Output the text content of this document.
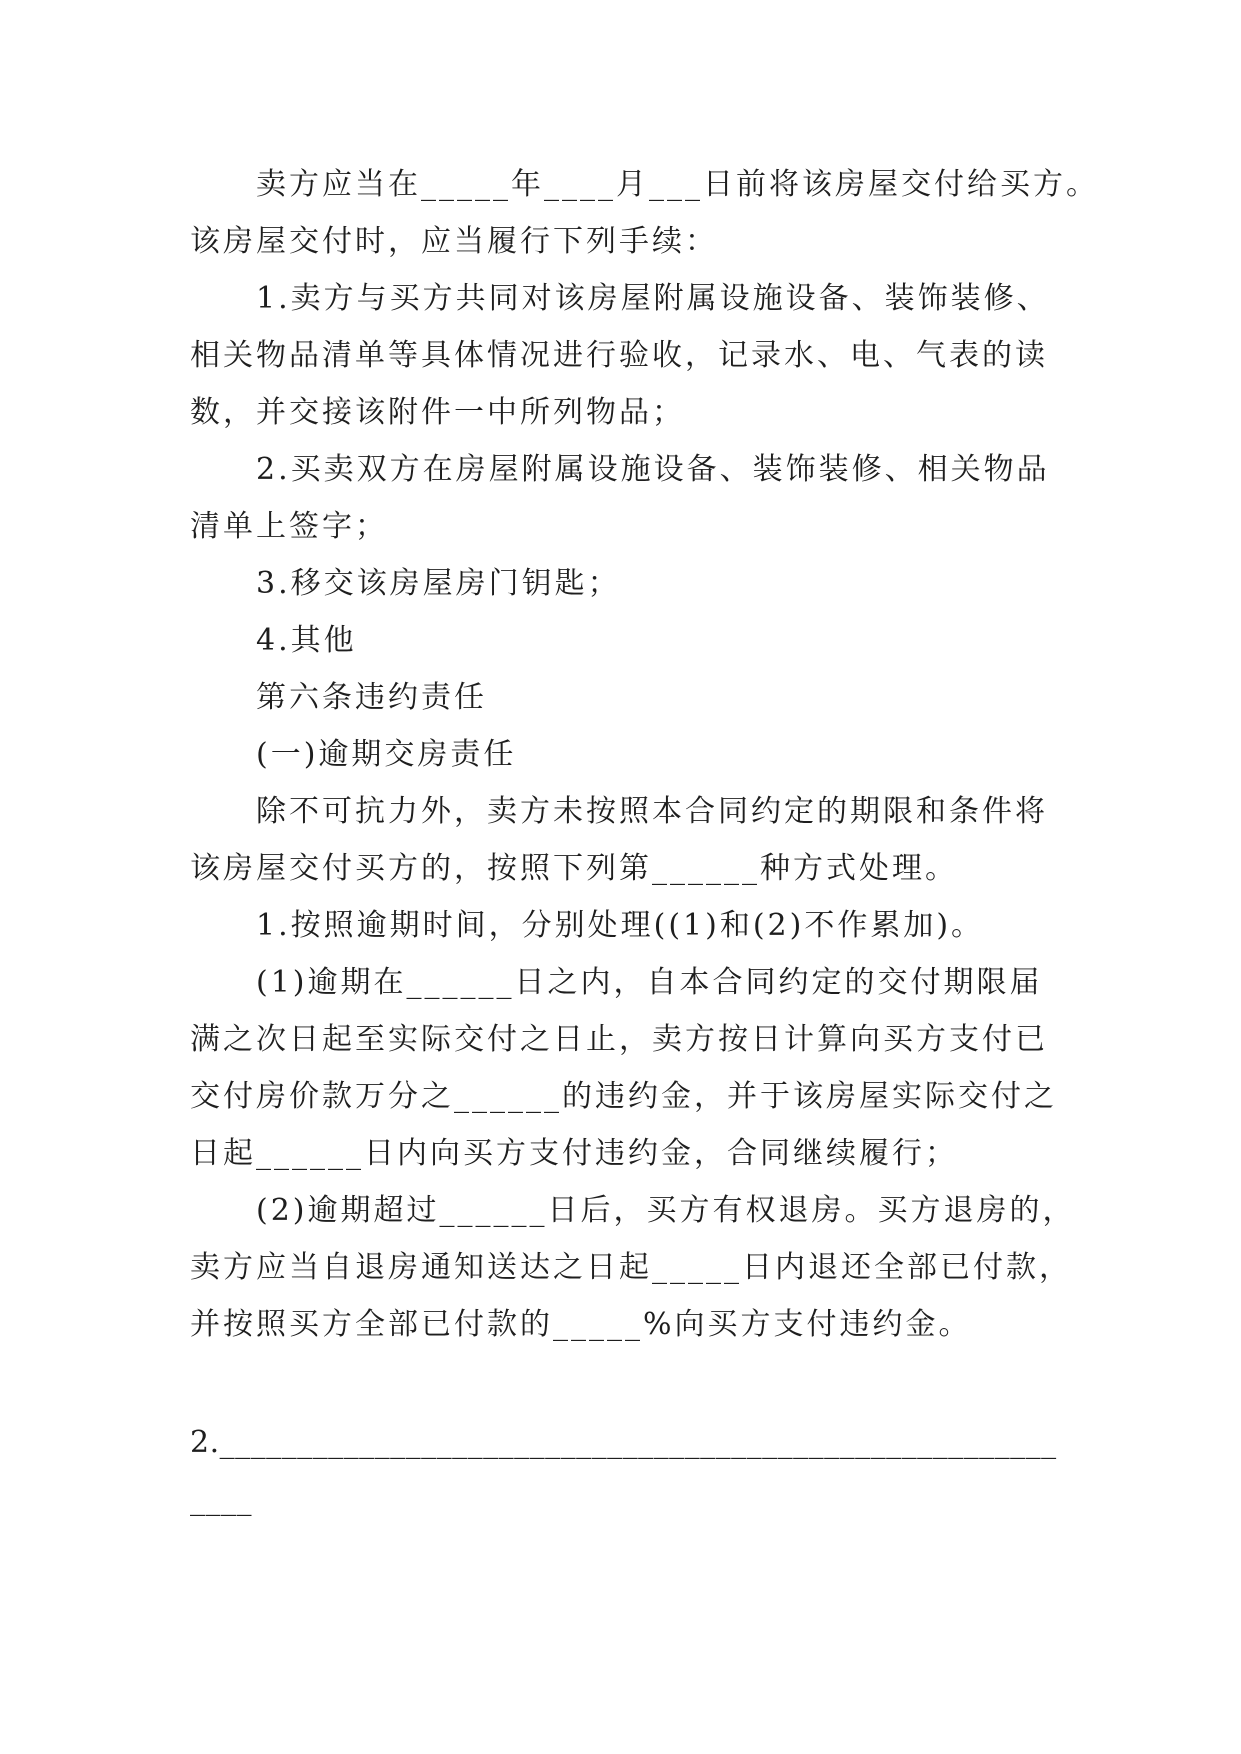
卖方应当在_____年____月___日前将该房屋交付给买方。
该房屋交付时，应当履行下列手续：
1.卖方与买方共同对该房屋附属设施设备、装饰装修、
相关物品清单等具体情况进行验收，记录水、电、气表的读
数，并交接该附件一中所列物品；
2.买卖双方在房屋附属设施设备、装饰装修、相关物品
清单上签字；
3.移交该房屋房门钥匙；
4.其他
第六条违约责任
(一)逾期交房责任
除不可抗力外，卖方未按照本合同约定的期限和条件将
该房屋交付买方的，按照下列第______种方式处理。
1.按照逾期时间，分别处理((1)和(2)不作累加)。
(1)逾期在______日之内，自本合同约定的交付期限届
满之次日起至实际交付之日止，卖方按日计算向买方支付已
交付房价款万分之______的违约金，并于该房屋实际交付之
日起______日内向买方支付违约金，合同继续履行；
(2)逾期超过______日后，买方有权退房。买方退房的，
卖方应当自退房通知送达之日起_____日内退还全部已付款，
并按照买方全部已付款的_____%向买方支付违约金。
2.______________________________________________________
____
